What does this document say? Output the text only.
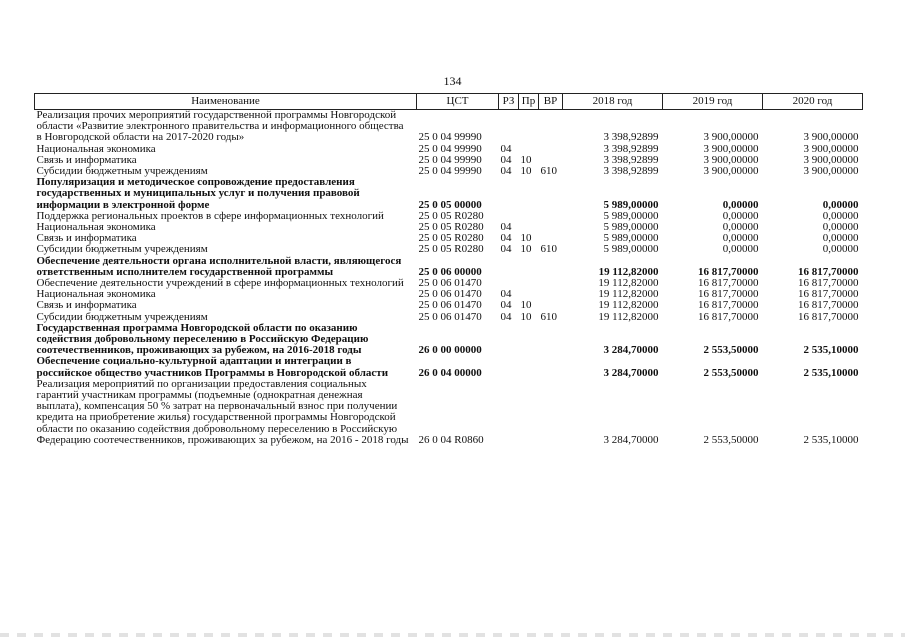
134
Наименование	ЦСТ	РЗ	Пр	ВР	2018 год	2019 год	2020 год
Реализация прочих мероприятий государственной программы Новгородской области «Развитие электронного правительства и информационного общества в Новгородской области на 2017-2020 годы»	25 0 04 99990				3 398,92899	3 900,00000	3 900,00000
Национальная экономика	25 0 04 99990	04			3 398,92899	3 900,00000	3 900,00000
Связь и информатика	25 0 04 99990	04	10		3 398,92899	3 900,00000	3 900,00000
Субсидии бюджетным учреждениям	25 0 04 99990	04	10	610	3 398,92899	3 900,00000	3 900,00000
Популяризация и методическое сопровождение предоставления государственных и муниципальных услуг и получения правовой информации в электронной форме	25 0 05 00000				5 989,00000	0,00000	0,00000
Поддержка региональных проектов в сфере информационных технологий	25 0 05 R0280				5 989,00000	0,00000	0,00000
Национальная экономика	25 0 05 R0280	04			5 989,00000	0,00000	0,00000
Связь и информатика	25 0 05 R0280	04	10		5 989,00000	0,00000	0,00000
Субсидии бюджетным учреждениям	25 0 05 R0280	04	10	610	5 989,00000	0,00000	0,00000
Обеспечение деятельности органа исполнительной власти, являющегося ответственным исполнителем государственной программы	25 0 06 00000				19 112,82000	16 817,70000	16 817,70000
Обеспечение деятельности учреждений в сфере информационных технологий	25 0 06 01470				19 112,82000	16 817,70000	16 817,70000
Национальная экономика	25 0 06 01470	04			19 112,82000	16 817,70000	16 817,70000
Связь и информатика	25 0 06 01470	04	10		19 112,82000	16 817,70000	16 817,70000
Субсидии бюджетным учреждениям	25 0 06 01470	04	10	610	19 112,82000	16 817,70000	16 817,70000
Государственная программа Новгородской области по оказанию содействия добровольному переселению в Российскую Федерацию соотечественников, проживающих за рубежом, на 2016-2018 годы	26 0 00 00000				3 284,70000	2 553,50000	2 535,10000
Обеспечение социально-культурной адаптации и интеграции в российское общество участников Программы в Новгородской области	26 0 04 00000				3 284,70000	2 553,50000	2 535,10000
Реализация мероприятий по организации предоставления социальных гарантий участникам программы (подъемные (однократная денежная выплата), компенсация 50 % затрат на первоначальный взнос при получении кредита на приобретение жилья) государственной программы Новгородской области по оказанию содействия добровольному переселению в Российскую Федерацию соотечественников, проживающих за рубежом, на 2016 - 2018 годы	26 0 04 R0860				3 284,70000	2 553,50000	2 535,10000
